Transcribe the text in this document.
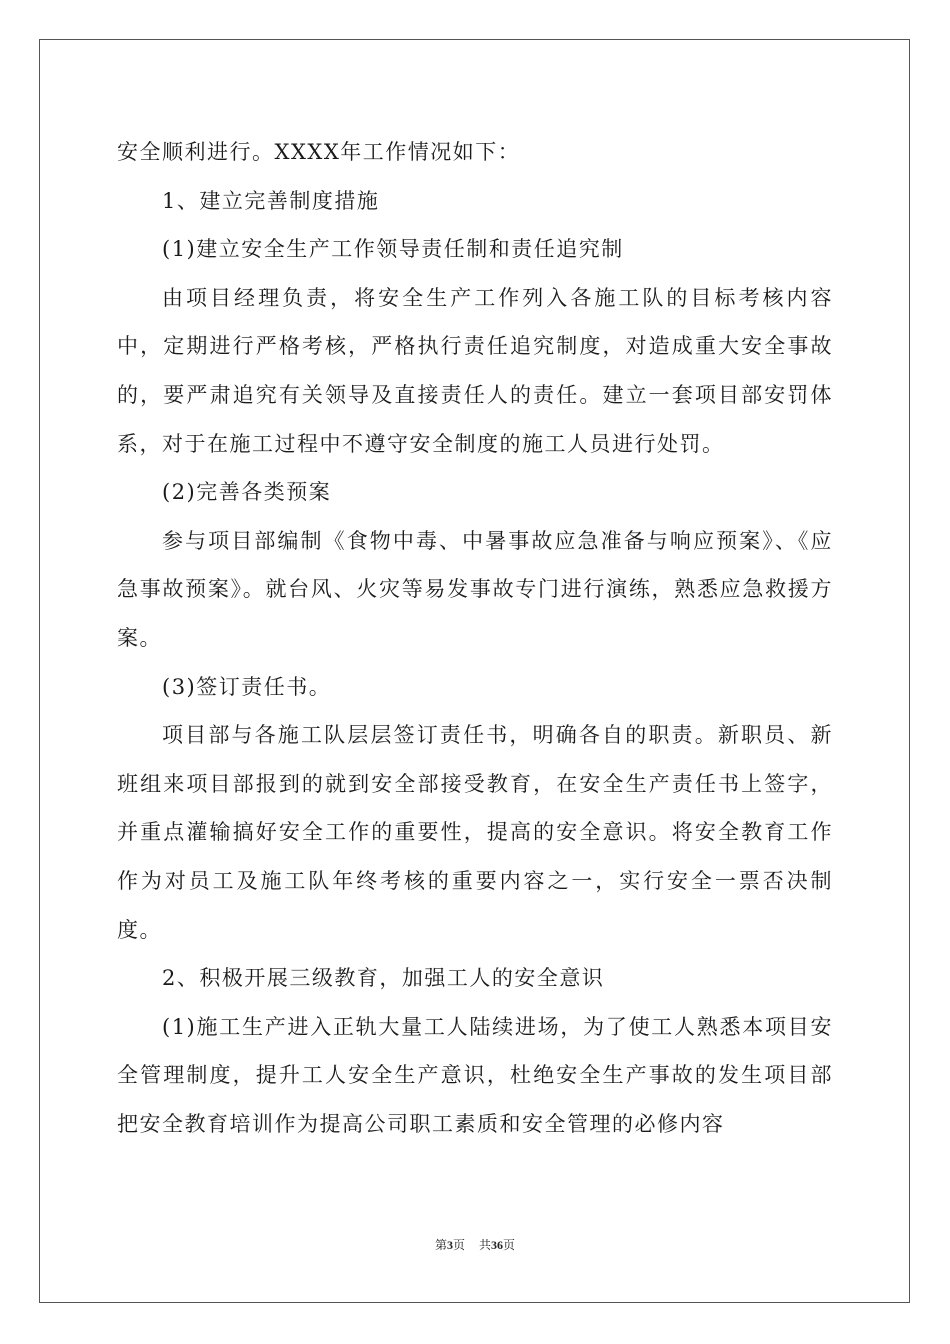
安全顺利进行。XXXX年工作情况如下：

1、建立完善制度措施

(1)建立安全生产工作领导责任制和责任追究制

由项目经理负责，将安全生产工作列入各施工队的目标考核内容中，定期进行严格考核，严格执行责任追究制度，对造成重大安全事故的，要严肃追究有关领导及直接责任人的责任。建立一套项目部安罚体系，对于在施工过程中不遵守安全制度的施工人员进行处罚。

(2)完善各类预案

参与项目部编制《食物中毒、中暑事故应急准备与响应预案》、《应急事故预案》。就台风、火灾等易发事故专门进行演练，熟悉应急救援方案。

(3)签订责任书。

项目部与各施工队层层签订责任书，明确各自的职责。新职员、新班组来项目部报到的就到安全部接受教育，在安全生产责任书上签字，并重点灌输搞好安全工作的重要性，提高的安全意识。将安全教育工作作为对员工及施工队年终考核的重要内容之一，实行安全一票否决制度。

2、积极开展三级教育，加强工人的安全意识

(1)施工生产进入正轨大量工人陆续进场，为了使工人熟悉本项目安全管理制度，提升工人安全生产意识，杜绝安全生产事故的发生项目部把安全教育培训作为提高公司职工素质和安全管理的必修内容

第3页 共36页
